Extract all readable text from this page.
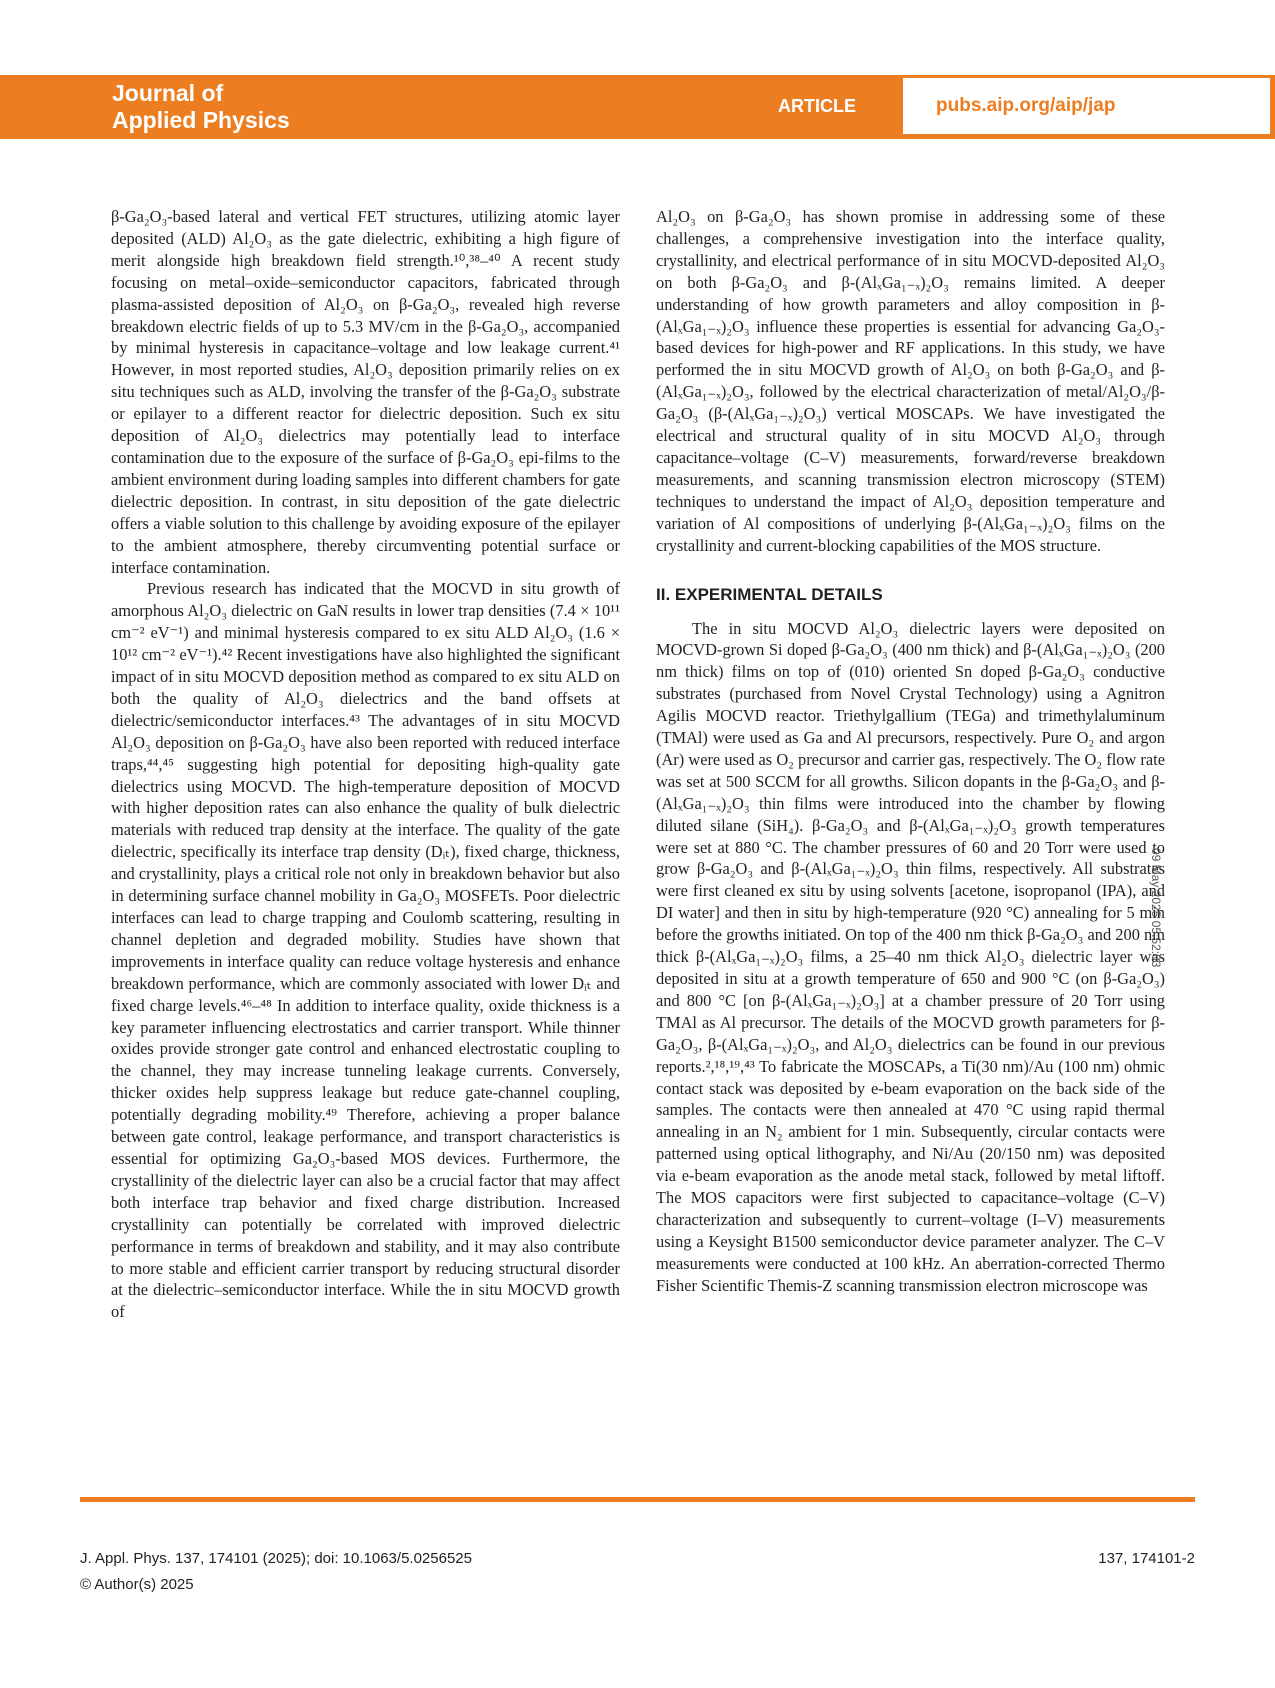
Journal of
Applied Physics
ARTICLE	pubs.aip.org/aip/jap

β-Ga₂O₃-based lateral and vertical FET structures, utilizing atomic layer deposited (ALD) Al₂O₃ as the gate dielectric, exhibiting a high figure of merit alongside high breakdown field strength.¹⁰,³⁸–⁴⁰ A recent study focusing on metal–oxide–semiconductor capacitors, fabricated through plasma-assisted deposition of Al₂O₃ on β-Ga₂O₃, revealed high reverse breakdown electric fields of up to 5.3 MV/cm in the β-Ga₂O₃, accompanied by minimal hysteresis in capacitance–voltage and low leakage current.⁴¹ However, in most reported studies, Al₂O₃ deposition primarily relies on ex situ techniques such as ALD, involving the transfer of the β-Ga₂O₃ substrate or epilayer to a different reactor for dielectric deposition. Such ex situ deposition of Al₂O₃ dielectrics may potentially lead to interface contamination due to the exposure of the surface of β-Ga₂O₃ epi-films to the ambient environment during loading samples into different chambers for gate dielectric deposition. In contrast, in situ deposition of the gate dielectric offers a viable solution to this challenge by avoiding exposure of the epilayer to the ambient atmosphere, thereby circumventing potential surface or interface contamination.

Previous research has indicated that the MOCVD in situ growth of amorphous Al₂O₃ dielectric on GaN results in lower trap densities (7.4 × 10¹¹ cm⁻² eV⁻¹) and minimal hysteresis compared to ex situ ALD Al₂O₃ (1.6 × 10¹² cm⁻² eV⁻¹).⁴² Recent investigations have also highlighted the significant impact of in situ MOCVD deposition method as compared to ex situ ALD on both the quality of Al₂O₃ dielectrics and the band offsets at dielectric/semiconductor interfaces.⁴³ The advantages of in situ MOCVD Al₂O₃ deposition on β-Ga₂O₃ have also been reported with reduced interface traps,⁴⁴,⁴⁵ suggesting high potential for depositing high-quality gate dielectrics using MOCVD. The high-temperature deposition of MOCVD with higher deposition rates can also enhance the quality of bulk dielectric materials with reduced trap density at the interface. The quality of the gate dielectric, specifically its interface trap density (Dᵢₜ), fixed charge, thickness, and crystallinity, plays a critical role not only in breakdown behavior but also in determining surface channel mobility in Ga₂O₃ MOSFETs. Poor dielectric interfaces can lead to charge trapping and Coulomb scattering, resulting in channel depletion and degraded mobility. Studies have shown that improvements in interface quality can reduce voltage hysteresis and enhance breakdown performance, which are commonly associated with lower Dᵢₜ and fixed charge levels.⁴⁶–⁴⁸ In addition to interface quality, oxide thickness is a key parameter influencing electrostatics and carrier transport. While thinner oxides provide stronger gate control and enhanced electrostatic coupling to the channel, they may increase tunneling leakage currents. Conversely, thicker oxides help suppress leakage but reduce gate-channel coupling, potentially degrading mobility.⁴⁹ Therefore, achieving a proper balance between gate control, leakage performance, and transport characteristics is essential for optimizing Ga₂O₃-based MOS devices. Furthermore, the crystallinity of the dielectric layer can also be a crucial factor that may affect both interface trap behavior and fixed charge distribution. Increased crystallinity can potentially be correlated with improved dielectric performance in terms of breakdown and stability, and it may also contribute to more stable and efficient carrier transport by reducing structural disorder at the dielectric–semiconductor interface. While the in situ MOCVD growth of

Al₂O₃ on β-Ga₂O₃ has shown promise in addressing some of these challenges, a comprehensive investigation into the interface quality, crystallinity, and electrical performance of in situ MOCVD-deposited Al₂O₃ on both β-Ga₂O₃ and β-(AlₓGa₁₋ₓ)₂O₃ remains limited. A deeper understanding of how growth parameters and alloy composition in β-(AlₓGa₁₋ₓ)₂O₃ influence these properties is essential for advancing Ga₂O₃-based devices for high-power and RF applications. In this study, we have performed the in situ MOCVD growth of Al₂O₃ on both β-Ga₂O₃ and β-(AlₓGa₁₋ₓ)₂O₃, followed by the electrical characterization of metal/Al₂O₃/β-Ga₂O₃ (β-(AlₓGa₁₋ₓ)₂O₃) vertical MOSCAPs. We have investigated the electrical and structural quality of in situ MOCVD Al₂O₃ through capacitance–voltage (C–V) measurements, forward/reverse breakdown measurements, and scanning transmission electron microscopy (STEM) techniques to understand the impact of Al₂O₃ deposition temperature and variation of Al compositions of underlying β-(AlₓGa₁₋ₓ)₂O₃ films on the crystallinity and current-blocking capabilities of the MOS structure.

II. EXPERIMENTAL DETAILS

The in situ MOCVD Al₂O₃ dielectric layers were deposited on MOCVD-grown Si doped β-Ga₂O₃ (400 nm thick) and β-(AlₓGa₁₋ₓ)₂O₃ (200 nm thick) films on top of (010) oriented Sn doped β-Ga₂O₃ conductive substrates (purchased from Novel Crystal Technology) using a Agnitron Agilis MOCVD reactor. Triethylgallium (TEGa) and trimethylaluminum (TMAl) were used as Ga and Al precursors, respectively. Pure O₂ and argon (Ar) were used as O₂ precursor and carrier gas, respectively. The O₂ flow rate was set at 500 SCCM for all growths. Silicon dopants in the β-Ga₂O₃ and β-(AlₓGa₁₋ₓ)₂O₃ thin films were introduced into the chamber by flowing diluted silane (SiH₄). β-Ga₂O₃ and β-(AlₓGa₁₋ₓ)₂O₃ growth temperatures were set at 880 °C. The chamber pressures of 60 and 20 Torr were used to grow β-Ga₂O₃ and β-(AlₓGa₁₋ₓ)₂O₃ thin films, respectively. All substrates were first cleaned ex situ by using solvents [acetone, isopropanol (IPA), and DI water] and then in situ by high-temperature (920 °C) annealing for 5 min before the growths initiated. On top of the 400 nm thick β-Ga₂O₃ and 200 nm thick β-(AlₓGa₁₋ₓ)₂O₃ films, a 25–40 nm thick Al₂O₃ dielectric layer was deposited in situ at a growth temperature of 650 and 900 °C (on β-Ga₂O₃) and 800 °C [on β-(AlₓGa₁₋ₓ)₂O₃] at a chamber pressure of 20 Torr using TMAl as Al precursor. The details of the MOCVD growth parameters for β-Ga₂O₃, β-(AlₓGa₁₋ₓ)₂O₃, and Al₂O₃ dielectrics can be found in our previous reports.²,¹⁸,¹⁹,⁴³ To fabricate the MOSCAPs, a Ti(30 nm)/Au (100 nm) ohmic contact stack was deposited by e-beam evaporation on the back side of the samples. The contacts were then annealed at 470 °C using rapid thermal annealing in an N₂ ambient for 1 min. Subsequently, circular contacts were patterned using optical lithography, and Ni/Au (20/150 nm) was deposited via e-beam evaporation as the anode metal stack, followed by metal liftoff. The MOS capacitors were first subjected to capacitance–voltage (C–V) characterization and subsequently to current–voltage (I–V) measurements using a Keysight B1500 semiconductor device parameter analyzer. The C–V measurements were conducted at 100 kHz. An aberration-corrected Thermo Fisher Scientific Themis-Z scanning transmission electron microscope was

09 May 2025 05:52:03
J. Appl. Phys. 137, 174101 (2025); doi: 10.1063/5.0256525
© Author(s) 2025
137, 174101-2
